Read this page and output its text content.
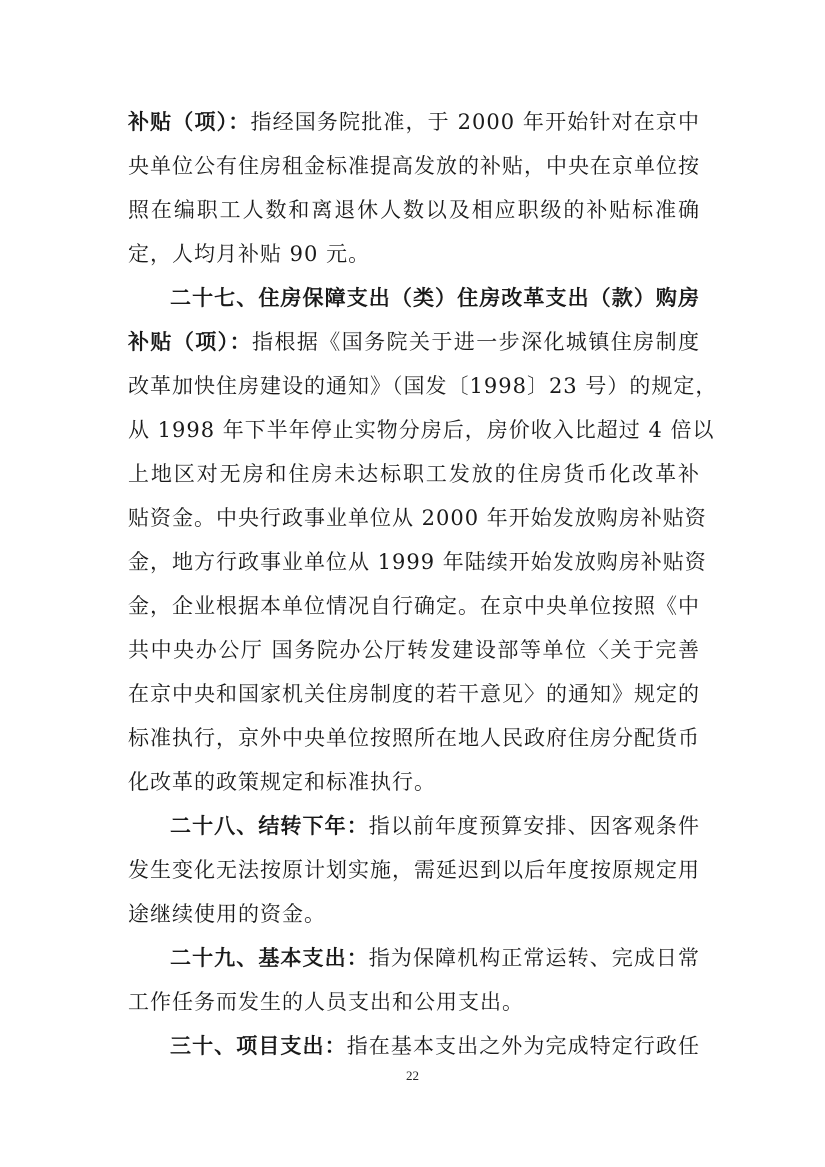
补贴（项）：指经国务院批准，于 2000 年开始针对在京中
央单位公有住房租金标准提高发放的补贴，中央在京单位按
照在编职工人数和离退休人数以及相应职级的补贴标准确
定，人均月补贴 90 元。
二十七、住房保障支出（类）住房改革支出（款）购房
补贴（项）：指根据《国务院关于进一步深化城镇住房制度
改革加快住房建设的通知》（国发〔1998〕23 号）的规定，
从 1998 年下半年停止实物分房后，房价收入比超过 4 倍以
上地区对无房和住房未达标职工发放的住房货币化改革补
贴资金。中央行政事业单位从 2000 年开始发放购房补贴资
金，地方行政事业单位从 1999 年陆续开始发放购房补贴资
金，企业根据本单位情况自行确定。在京中央单位按照《中
共中央办公厅 国务院办公厅转发建设部等单位〈关于完善
在京中央和国家机关住房制度的若干意见〉的通知》规定的
标准执行，京外中央单位按照所在地人民政府住房分配货币
化改革的政策规定和标准执行。
二十八、结转下年：指以前年度预算安排、因客观条件
发生变化无法按原计划实施，需延迟到以后年度按原规定用
途继续使用的资金。
二十九、基本支出：指为保障机构正常运转、完成日常
工作任务而发生的人员支出和公用支出。
三十、项目支出：指在基本支出之外为完成特定行政任
22
